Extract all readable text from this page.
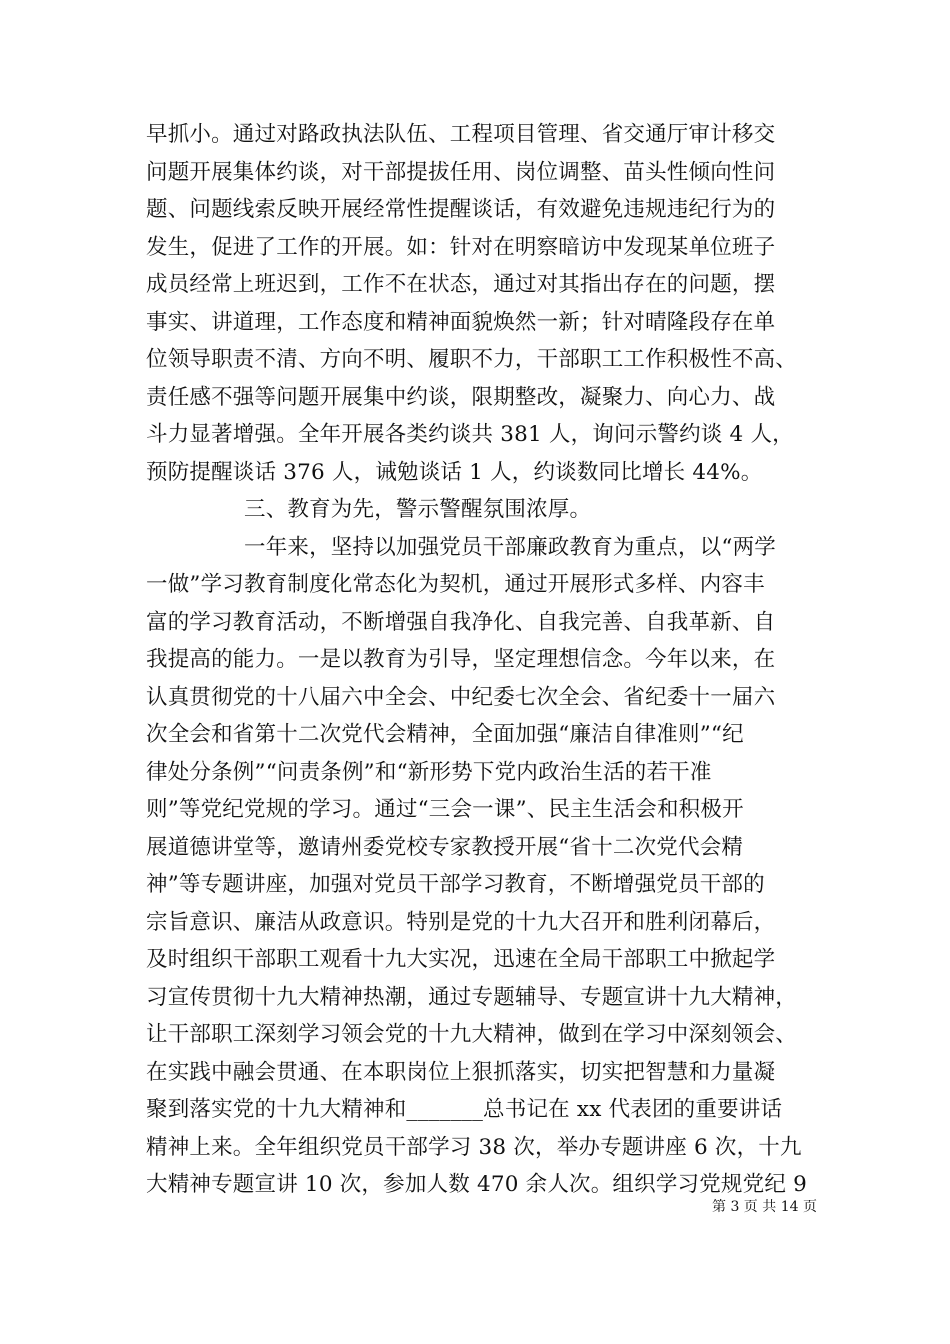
早抓小。通过对路政执法队伍、工程项目管理、省交通厅审计移交
问题开展集体约谈，对干部提拔任用、岗位调整、苗头性倾向性问
题、问题线索反映开展经常性提醒谈话，有效避免违规违纪行为的
发生，促进了工作的开展。如：针对在明察暗访中发现某单位班子
成员经常上班迟到，工作不在状态，通过对其指出存在的问题，摆
事实、讲道理，工作态度和精神面貌焕然一新；针对晴隆段存在单
位领导职责不清、方向不明、履职不力，干部职工工作积极性不高、
责任感不强等问题开展集中约谈，限期整改，凝聚力、向心力、战
斗力显著增强。全年开展各类约谈共 381 人，询问示警约谈 4 人，
预防提醒谈话 376 人，诫勉谈话 1 人，约谈数同比增长 44%。
三、教育为先，警示警醒氛围浓厚。
一年来，坚持以加强党员干部廉政教育为重点，以“两学
一做”学习教育制度化常态化为契机，通过开展形式多样、内容丰
富的学习教育活动，不断增强自我净化、自我完善、自我革新、自
我提高的能力。一是以教育为引导，坚定理想信念。今年以来，在
认真贯彻党的十八届六中全会、中纪委七次全会、省纪委十一届六
次全会和省第十二次党代会精神，全面加强“廉洁自律准则”“纪
律处分条例”“问责条例”和“新形势下党内政治生活的若干准
则”等党纪党规的学习。通过“三会一课”、民主生活会和积极开
展道德讲堂等，邀请州委党校专家教授开展“省十二次党代会精
神”等专题讲座，加强对党员干部学习教育，不断增强党员干部的
宗旨意识、廉洁从政意识。特别是党的十九大召开和胜利闭幕后，
及时组织干部职工观看十九大实况，迅速在全局干部职工中掀起学
习宣传贯彻十九大精神热潮，通过专题辅导、专题宣讲十九大精神，
让干部职工深刻学习领会党的十九大精神，做到在学习中深刻领会、
在实践中融会贯通、在本职岗位上狠抓落实，切实把智慧和力量凝
聚到落实党的十九大精神和_______总书记在 xx 代表团的重要讲话
精神上来。全年组织党员干部学习 38 次，举办专题讲座 6 次，十九
大精神专题宣讲 10 次，参加人数 470 余人次。组织学习党规党纪 9
第 3 页 共 14 页
